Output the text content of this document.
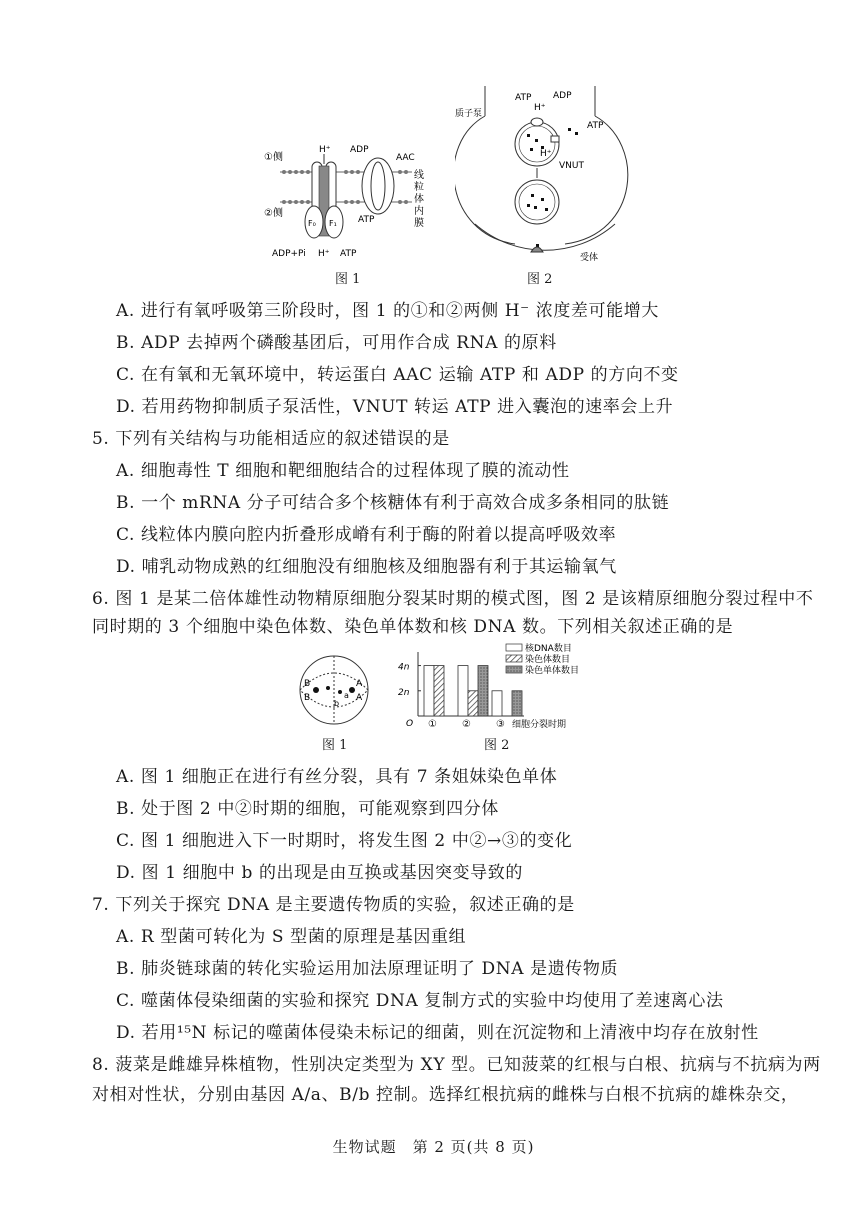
H⁺
①侧
②侧
ADP
AAC
ATP
F₀ F₁
ADP+Pi H⁺ ATP
线
粒
体
内
膜
图 1
ATP
H⁺
ADP
质子泵
ATP
H⁺
VNUT
受体
图 2
A. 进行有氧呼吸第三阶段时，图 1 的①和②两侧 H⁻ 浓度差可能增大
B. ADP 去掉两个磷酸基团后，可用作合成 RNA 的原料
C. 在有氧和无氧环境中，转运蛋白 AAC 运输 ATP 和 ADP 的方向不变
D. 若用药物抑制质子泵活性，VNUT 转运 ATP 进入囊泡的速率会上升
5. 下列有关结构与功能相适应的叙述错误的是
A. 细胞毒性 T 细胞和靶细胞结合的过程体现了膜的流动性
B. 一个 mRNA 分子可结合多个核糖体有利于高效合成多条相同的肽链
C. 线粒体内膜向腔内折叠形成嵴有利于酶的附着以提高呼吸效率
D. 哺乳动物成熟的红细胞没有细胞核及细胞器有利于其运输氧气
6. 图 1 是某二倍体雄性动物精原细胞分裂某时期的模式图，图 2 是该精原细胞分裂过程中不
同时期的 3 个细胞中染色体数、染色单体数和核 DNA 数。下列相关叙述正确的是
B
B
A
A
a
b
图 1
4n
2n
O ①	②	③ 细胞分裂时期
核DNA数目
染色体数目
染色单体数目
图 2
A. 图 1 细胞正在进行有丝分裂，具有 7 条姐妹染色单体
B. 处于图 2 中②时期的细胞，可能观察到四分体
C. 图 1 细胞进入下一时期时，将发生图 2 中②→③的变化
D. 图 1 细胞中 b 的出现是由互换或基因突变导致的
7. 下列关于探究 DNA 是主要遗传物质的实验，叙述正确的是
A. R 型菌可转化为 S 型菌的原理是基因重组
B. 肺炎链球菌的转化实验运用加法原理证明了 DNA 是遗传物质
C. 噬菌体侵染细菌的实验和探究 DNA 复制方式的实验中均使用了差速离心法
D. 若用¹⁵N 标记的噬菌体侵染未标记的细菌，则在沉淀物和上清液中均存在放射性
8. 菠菜是雌雄异株植物，性别决定类型为 XY 型。已知菠菜的红根与白根、抗病与不抗病为两
对相对性状，分别由基因 A/a、B/b 控制。选择红根抗病的雌株与白根不抗病的雄株杂交，
生物试题　第 2 页(共 8 页)
